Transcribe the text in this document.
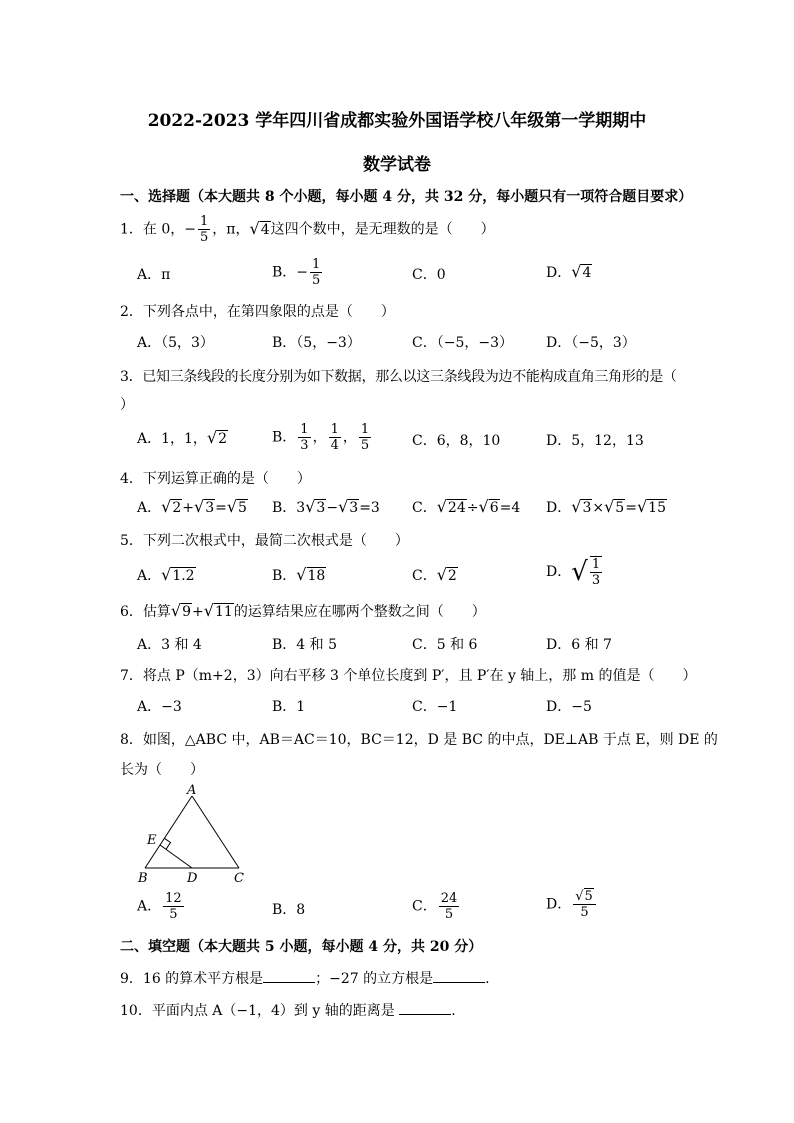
2022-2023 学年四川省成都实验外国语学校八年级第一学期期中
数学试卷
一、选择题（本大题共 8 个小题，每小题 4 分，共 32 分，每小题只有一项符合题目要求）
1．在 0，− $\frac{1}{5}$ ，π，√4这四个数中，是无理数的是（　　）
A．π	B．− $\frac{1}{5}$	C．0	D．√4
2．下列各点中，在第四象限的点是（　　）
A．（5，3）	B．（5，−3）	C．（−5，−3） D．（−5，3）
3．已知三条线段的长度分别为如下数据，那么以这三条线段为边不能构成直角三角形的是（
）
A．1，1，√2	B． $\frac{1}{3}$ ， $\frac{1}{4}$ ， $\frac{1}{5}$	C．6，8，10	D．5，12，13
4．下列运算正确的是（　　）
A．√2+√3=√5 B．3√3−√3=3 C．√24÷√6=4 D．√3×√5=√15
5．下列二次根式中，最简二次根式是（　　）
A．√1.2	B．√18	C．√2	D．√ $\frac{1}{3}$
6．估算√9+√11的运算结果应在哪两个整数之间（　　）
A．3 和 4	B．4 和 5	C．5 和 6	D．6 和 7
7．将点 P（m+2，3）向右平移 3 个单位长度到 P′，且 P′在 y 轴上，那 m 的值是（　　）
A．−3	B．1	C．−1	D．−5
8．如图，△ABC 中，AB＝AC＝10，BC＝12，D 是 BC 的中点，DE⊥AB 于点 E，则 DE 的
长为（　　）
A
E
B	D	C
A． $\frac{12}{5}$	B．8	C． $\frac{24}{5}$	D． $\frac{√5}{5}$
二、填空题（本大题共 5 小题，每小题 4 分，共 20 分）
9．16 的算术平方根是	；−27 的立方根是	.
10．平面内点 A（−1，4）到 y 轴的距离是	.
